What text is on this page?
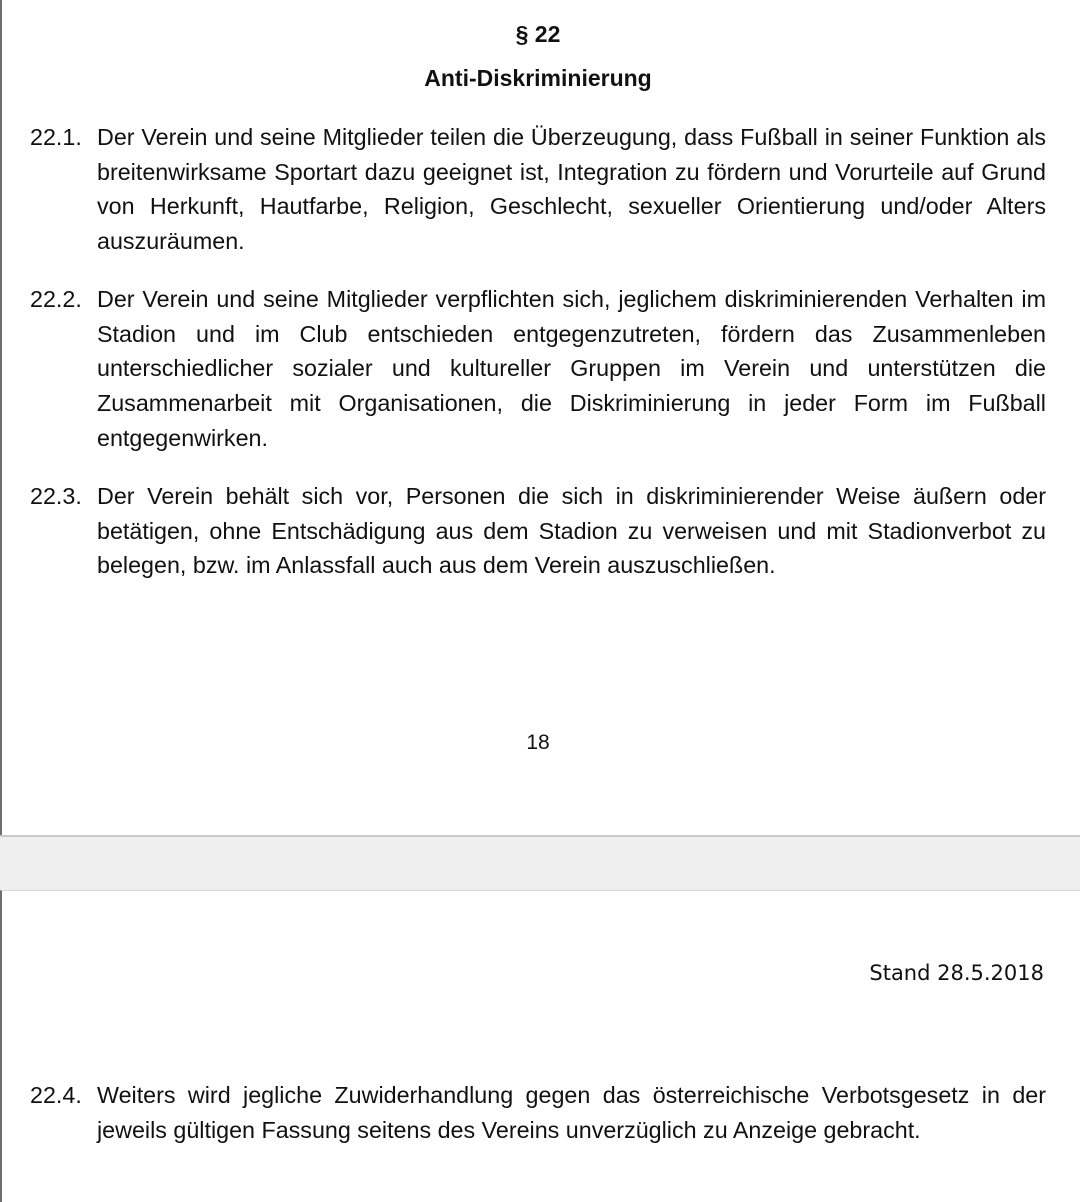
§ 22
Anti-Diskriminierung
22.1. Der Verein und seine Mitglieder teilen die Überzeugung, dass Fußball in seiner Funktion als breitenwirksame Sportart dazu geeignet ist, Integration zu fördern und Vorurteile auf Grund von Herkunft, Hautfarbe, Religion, Geschlecht, sexueller Orientierung und/oder Alters auszuräumen.
22.2. Der Verein und seine Mitglieder verpflichten sich, jeglichem diskriminierenden Verhalten im Stadion und im Club entschieden entgegenzutreten, fördern das Zusammenleben unterschiedlicher sozialer und kultureller Gruppen im Verein und unterstützen die Zusammenarbeit mit Organisationen, die Diskriminierung in jeder Form im Fußball entgegenwirken.
22.3. Der Verein behält sich vor, Personen die sich in diskriminierender Weise äußern oder betätigen, ohne Entschädigung aus dem Stadion zu verweisen und mit Stadionverbot zu belegen, bzw. im Anlassfall auch aus dem Verein auszuschließen.
18
Stand 28.5.2018
22.4. Weiters wird jegliche Zuwiderhandlung gegen das österreichische Verbotsgesetz in der jeweils gültigen Fassung seitens des Vereins unverzüglich zu Anzeige gebracht.
